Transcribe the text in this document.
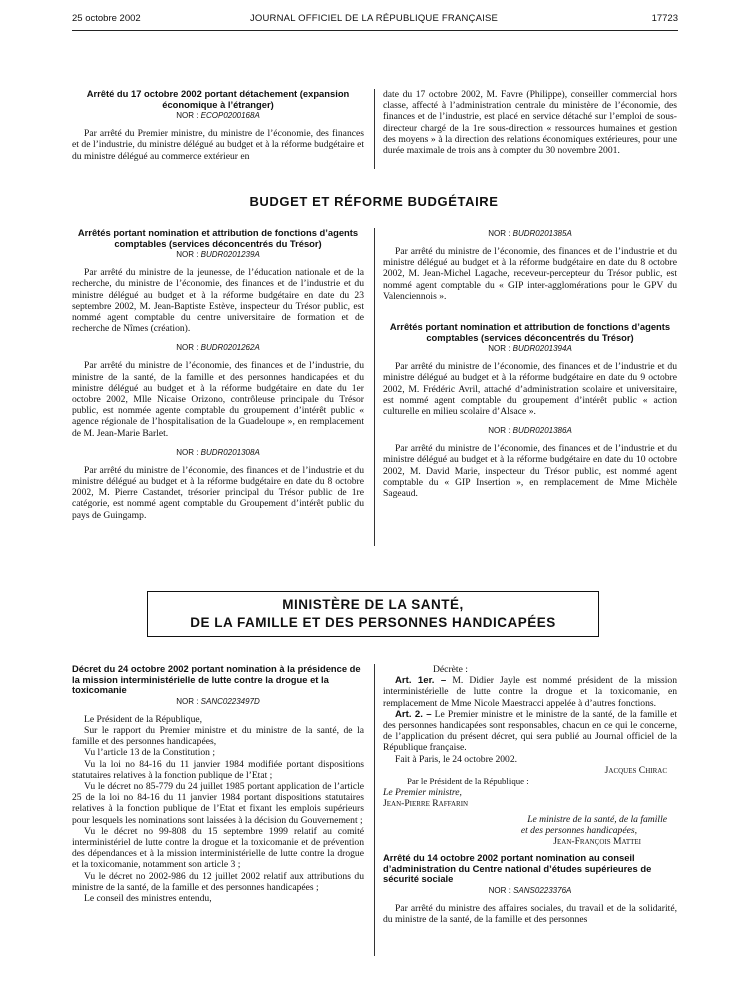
25 octobre 2002	JOURNAL OFFICIEL DE LA RÉPUBLIQUE FRANÇAISE	17723

Arrêté du 17 octobre 2002 portant détachement (expansion économique à l’étranger)

NOR : ECOP0200168A

Par arrêté du Premier ministre, du ministre de l’économie, des finances et de l’industrie, du ministre délégué au budget et à la réforme budgétaire et du ministre délégué au commerce extérieur en

date du 17 octobre 2002, M. Favre (Philippe), conseiller commercial hors classe, affecté à l’administration centrale du ministère de l’économie, des finances et de l’industrie, est placé en service détaché sur l’emploi de sous-directeur chargé de la 1re sous-direction « ressources humaines et gestion des moyens » à la direction des relations économiques extérieures, pour une durée maximale de trois ans à compter du 30 novembre 2001.

BUDGET ET RÉFORME BUDGÉTAIRE

Arrêtés portant nomination et attribution de fonctions d’agents comptables (services déconcentrés du Trésor)

NOR : BUDR0201239A

Par arrêté du ministre de la jeunesse, de l’éducation nationale et de la recherche, du ministre de l’économie, des finances et de l’industrie et du ministre délégué au budget et à la réforme budgétaire en date du 23 septembre 2002, M. Jean-Baptiste Estève, inspecteur du Trésor public, est nommé agent comptable du centre universitaire de formation et de recherche de Nîmes (création).

NOR : BUDR0201262A

Par arrêté du ministre de l’économie, des finances et de l’industrie, du ministre de la santé, de la famille et des personnes handicapées et du ministre délégué au budget et à la réforme budgétaire en date du 1er octobre 2002, Mlle Nicaise Orizono, contrôleuse principale du Trésor public, est nommée agente comptable du groupement d’intérêt public « agence régionale de l’hospitalisation de la Guadeloupe », en remplacement de M. Jean-Marie Barlet.

NOR : BUDR0201308A

Par arrêté du ministre de l’économie, des finances et de l’industrie et du ministre délégué au budget et à la réforme budgétaire en date du 8 octobre 2002, M. Pierre Castandet, trésorier principal du Trésor public de 1re catégorie, est nommé agent comptable du Groupement d’intérêt public du pays de Guingamp.

NOR : BUDR0201385A

Par arrêté du ministre de l’économie, des finances et de l’industrie et du ministre délégué au budget et à la réforme budgétaire en date du 8 octobre 2002, M. Jean-Michel Lagache, receveur-percepteur du Trésor public, est nommé agent comptable du « GIP inter-agglomérations pour le GPV du Valenciennois ».

Arrêtés portant nomination et attribution de fonctions d’agents comptables (services déconcentrés du Trésor)

NOR : BUDR0201394A

Par arrêté du ministre de l’économie, des finances et de l’industrie et du ministre délégué au budget et à la réforme budgétaire en date du 9 octobre 2002, M. Frédéric Avril, attaché d’administration scolaire et universitaire, est nommé agent comptable du groupement d’intérêt public « action culturelle en milieu scolaire d’Alsace ».

NOR : BUDR0201386A

Par arrêté du ministre de l’économie, des finances et de l’industrie et du ministre délégué au budget et à la réforme budgétaire en date du 10 octobre 2002, M. David Marie, inspecteur du Trésor public, est nommé agent comptable du « GIP Insertion », en remplacement de Mme Michèle Sageaud.

MINISTÈRE DE LA SANTÉ,
DE LA FAMILLE ET DES PERSONNES HANDICAPÉES

Décret du 24 octobre 2002 portant nomination à la présidence de la mission interministérielle de lutte contre la drogue et la toxicomanie

NOR : SANC0223497D

Le Président de la République,

Sur le rapport du Premier ministre et du ministre de la santé, de la famille et des personnes handicapées,

Vu l’article 13 de la Constitution ;

Vu la loi no 84-16 du 11 janvier 1984 modifiée portant dispositions statutaires relatives à la fonction publique de l’Etat ;

Vu le décret no 85-779 du 24 juillet 1985 portant application de l’article 25 de la loi no 84-16 du 11 janvier 1984 portant dispositions statutaires relatives à la fonction publique de l’Etat et fixant les emplois supérieurs pour lesquels les nominations sont laissées à la décision du Gouvernement ;

Vu le décret no 99-808 du 15 septembre 1999 relatif au comité interministériel de lutte contre la drogue et la toxicomanie et de prévention des dépendances et à la mission interministérielle de lutte contre la drogue et la toxicomanie, notamment son article 3 ;

Vu le décret no 2002-986 du 12 juillet 2002 relatif aux attributions du ministre de la santé, de la famille et des personnes handicapées ;

Le conseil des ministres entendu,

Décrète :

Art. 1er. – M. Didier Jayle est nommé président de la mission interministérielle de lutte contre la drogue et la toxicomanie, en remplacement de Mme Nicole Maestracci appelée à d’autres fonctions.

Art. 2. – Le Premier ministre et le ministre de la santé, de la famille et des personnes handicapées sont responsables, chacun en ce qui le concerne, de l’application du présent décret, qui sera publié au Journal officiel de la République française.

Fait à Paris, le 24 octobre 2002.

Jacques Chirac

Par le Président de la République :

Le Premier ministre,

Jean-Pierre Raffarin

Le ministre de la santé, de la famille

et des personnes handicapées,

Jean-François Mattei

Arrêté du 14 octobre 2002 portant nomination au conseil d’administration du Centre national d’études supérieures de sécurité sociale

NOR : SANS0223376A

Par arrêté du ministre des affaires sociales, du travail et de la solidarité, du ministre de la santé, de la famille et des personnes
